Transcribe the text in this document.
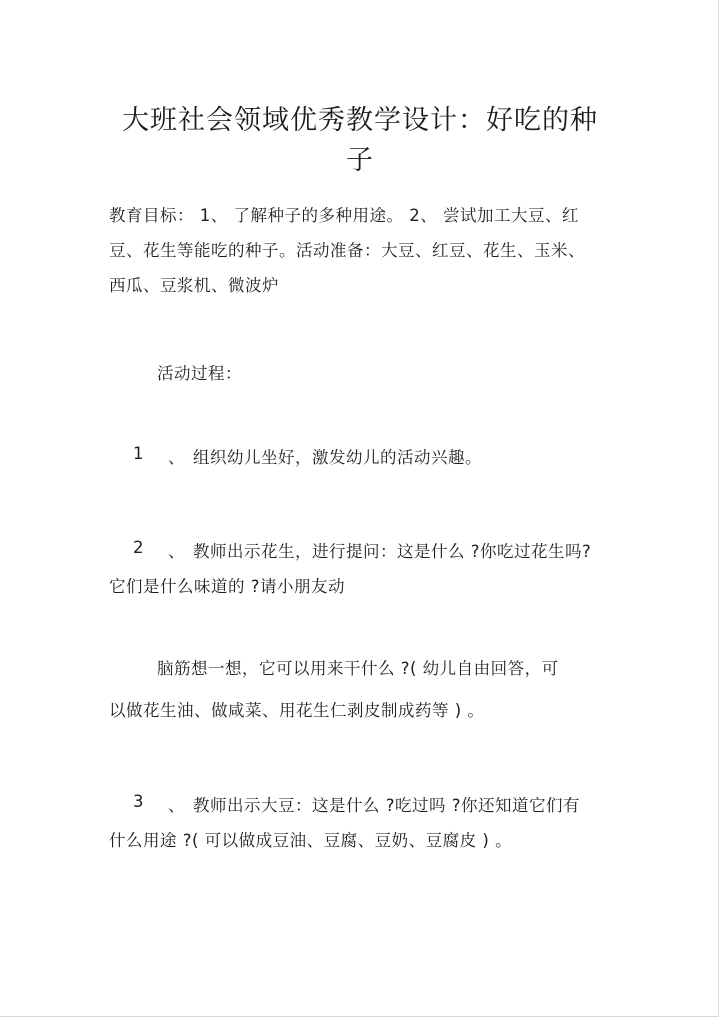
大班社会领域优秀教学设计：好吃的种
子
教育目标： 1、 了解种子的多种用途。 2、 尝试加工大豆、红
豆、花生等能吃的种子。活动准备：大豆、红豆、花生、玉米、
西瓜、豆浆机、微波炉
活动过程：
1 、 组织幼儿坐好，激发幼儿的活动兴趣。
2 、 教师出示花生，进行提问：这是什么 ?你吃过花生吗?
它们是什么味道的 ?请小朋友动
脑筋想一想，它可以用来干什么 ?( 幼儿自由回答，可
以做花生油、做咸菜、用花生仁剥皮制成药等 ) 。
3 、 教师出示大豆：这是什么 ?吃过吗 ?你还知道它们有
什么用途 ?( 可以做成豆油、豆腐、豆奶、豆腐皮 ) 。
